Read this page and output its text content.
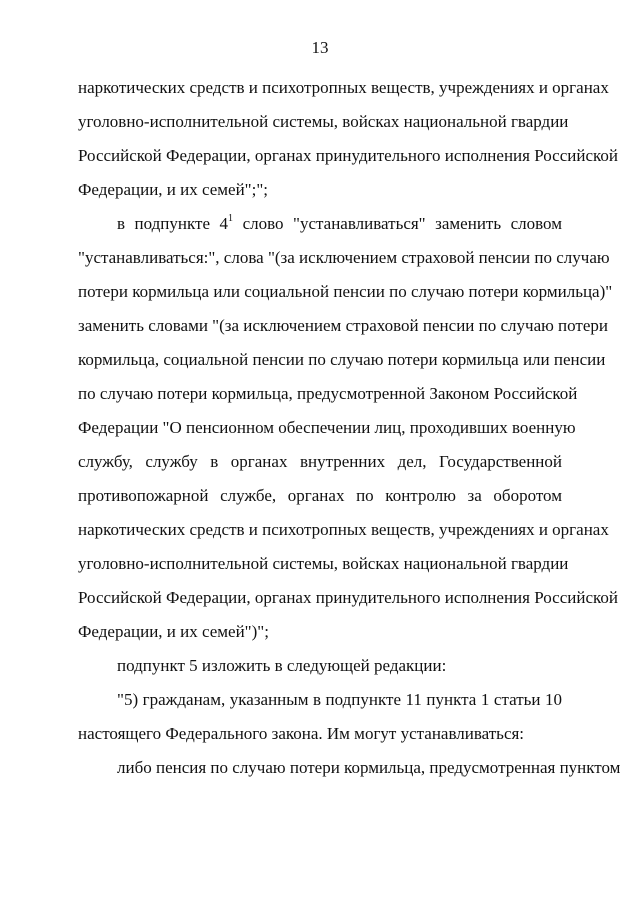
13
наркотических средств и психотропных веществ, учреждениях и органах
уголовно-исполнительной системы, войсках национальной гвардии
Российской Федерации, органах принудительного исполнения Российской
Федерации, и их семей";";
в подпункте $4^1$ слово "устанавливаться" заменить словом
"устанавливаться:", слова "(за исключением страховой пенсии по случаю
потери кормильца или социальной пенсии по случаю потери кормильца)"
заменить словами "(за исключением страховой пенсии по случаю потери
кормильца, социальной пенсии по случаю потери кормильца или пенсии
по случаю потери кормильца, предусмотренной Законом Российской
Федерации "О пенсионном обеспечении лиц, проходивших военную
службу, службу в органах внутренних дел, Государственной
противопожарной службе, органах по контролю за оборотом
наркотических средств и психотропных веществ, учреждениях и органах
уголовно-исполнительной системы, войсках национальной гвардии
Российской Федерации, органах принудительного исполнения Российской
Федерации, и их семей")";
подпункт 5 изложить в следующей редакции:
"5) гражданам, указанным в подпункте 11 пункта 1 статьи 10
настоящего Федерального закона. Им могут устанавливаться:
либо пенсия по случаю потери кормильца, предусмотренная пунктом
